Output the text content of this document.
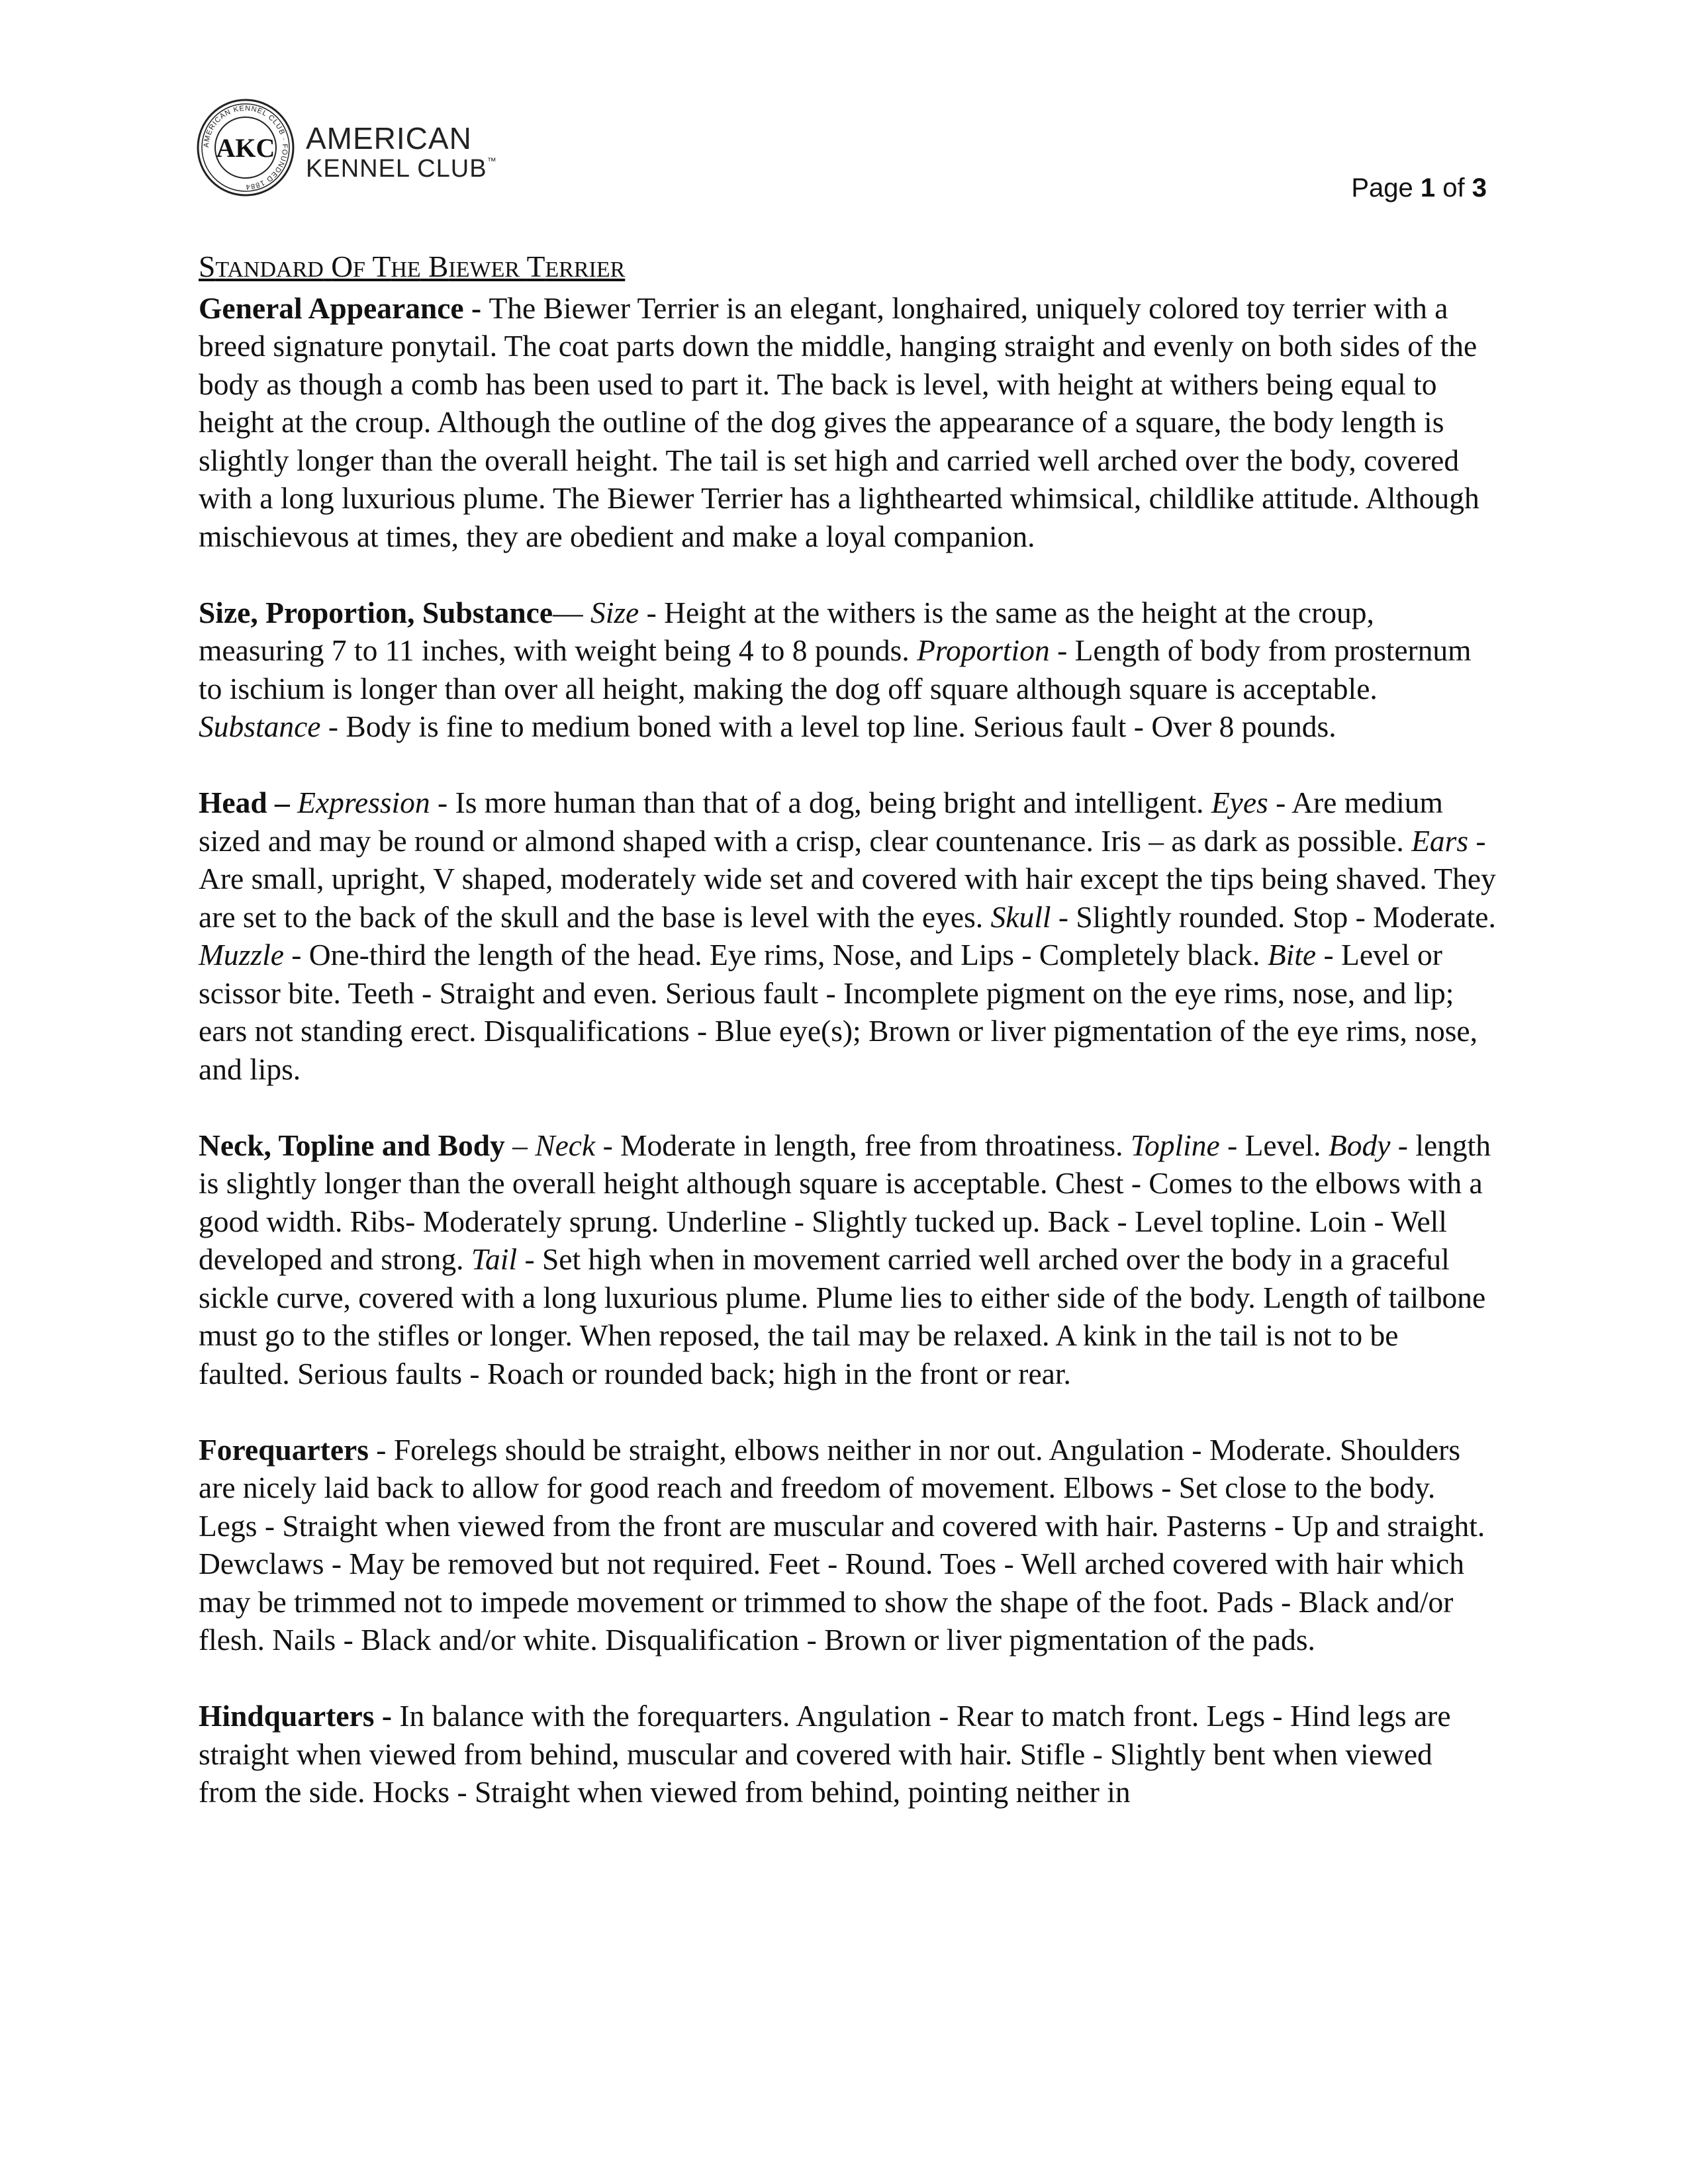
AMERICAN KENNEL CLUB · FOUNDED 1884
AKC AMERICAN
KENNEL CLUB™
Page 1 of 3
STANDARD OF THE BIEWER TERRIER

General Appearance - The Biewer Terrier is an elegant, longhaired, uniquely colored toy terrier with a breed signature ponytail. The coat parts down the middle, hanging straight and evenly on both sides of the body as though a comb has been used to part it. The back is level, with height at withers being equal to height at the croup. Although the outline of the dog gives the appearance of a square, the body length is slightly longer than the overall height. The tail is set high and carried well arched over the body, covered with a long luxurious plume. The Biewer Terrier has a lighthearted whimsical, childlike attitude. Although mischievous at times, they are obedient and make a loyal companion.

Size, Proportion, Substance— Size - Height at the withers is the same as the height at the croup, measuring 7 to 11 inches, with weight being 4 to 8 pounds. Proportion - Length of body from prosternum to ischium is longer than over all height, making the dog off square although square is acceptable. Substance - Body is fine to medium boned with a level top line. Serious fault - Over 8 pounds.

Head – Expression - Is more human than that of a dog, being bright and intelligent. Eyes - Are medium sized and may be round or almond shaped with a crisp, clear countenance. Iris – as dark as possible. Ears - Are small, upright, V shaped, moderately wide set and covered with hair except the tips being shaved. They are set to the back of the skull and the base is level with the eyes. Skull - Slightly rounded. Stop - Moderate. Muzzle - One-third the length of the head. Eye rims, Nose, and Lips - Completely black. Bite - Level or scissor bite. Teeth - Straight and even. Serious fault - Incomplete pigment on the eye rims, nose, and lip; ears not standing erect. Disqualifications - Blue eye(s); Brown or liver pigmentation of the eye rims, nose, and lips.

Neck, Topline and Body – Neck - Moderate in length, free from throatiness. Topline - Level. Body - length is slightly longer than the overall height although square is acceptable. Chest - Comes to the elbows with a good width. Ribs- Moderately sprung. Underline - Slightly tucked up. Back - Level topline. Loin - Well developed and strong. Tail - Set high when in movement carried well arched over the body in a graceful sickle curve, covered with a long luxurious plume. Plume lies to either side of the body. Length of tailbone must go to the stifles or longer. When reposed, the tail may be relaxed. A kink in the tail is not to be faulted. Serious faults - Roach or rounded back; high in the front or rear.

Forequarters - Forelegs should be straight, elbows neither in nor out. Angulation - Moderate. Shoulders are nicely laid back to allow for good reach and freedom of movement. Elbows - Set close to the body. Legs - Straight when viewed from the front are muscular and covered with hair. Pasterns - Up and straight. Dewclaws - May be removed but not required. Feet - Round. Toes - Well arched covered with hair which may be trimmed not to impede movement or trimmed to show the shape of the foot. Pads - Black and/or flesh. Nails - Black and/or white. Disqualification - Brown or liver pigmentation of the pads.

Hindquarters - In balance with the forequarters. Angulation - Rear to match front. Legs - Hind legs are straight when viewed from behind, muscular and covered with hair. Stifle - Slightly bent when viewed from the side. Hocks - Straight when viewed from behind, pointing neither in
